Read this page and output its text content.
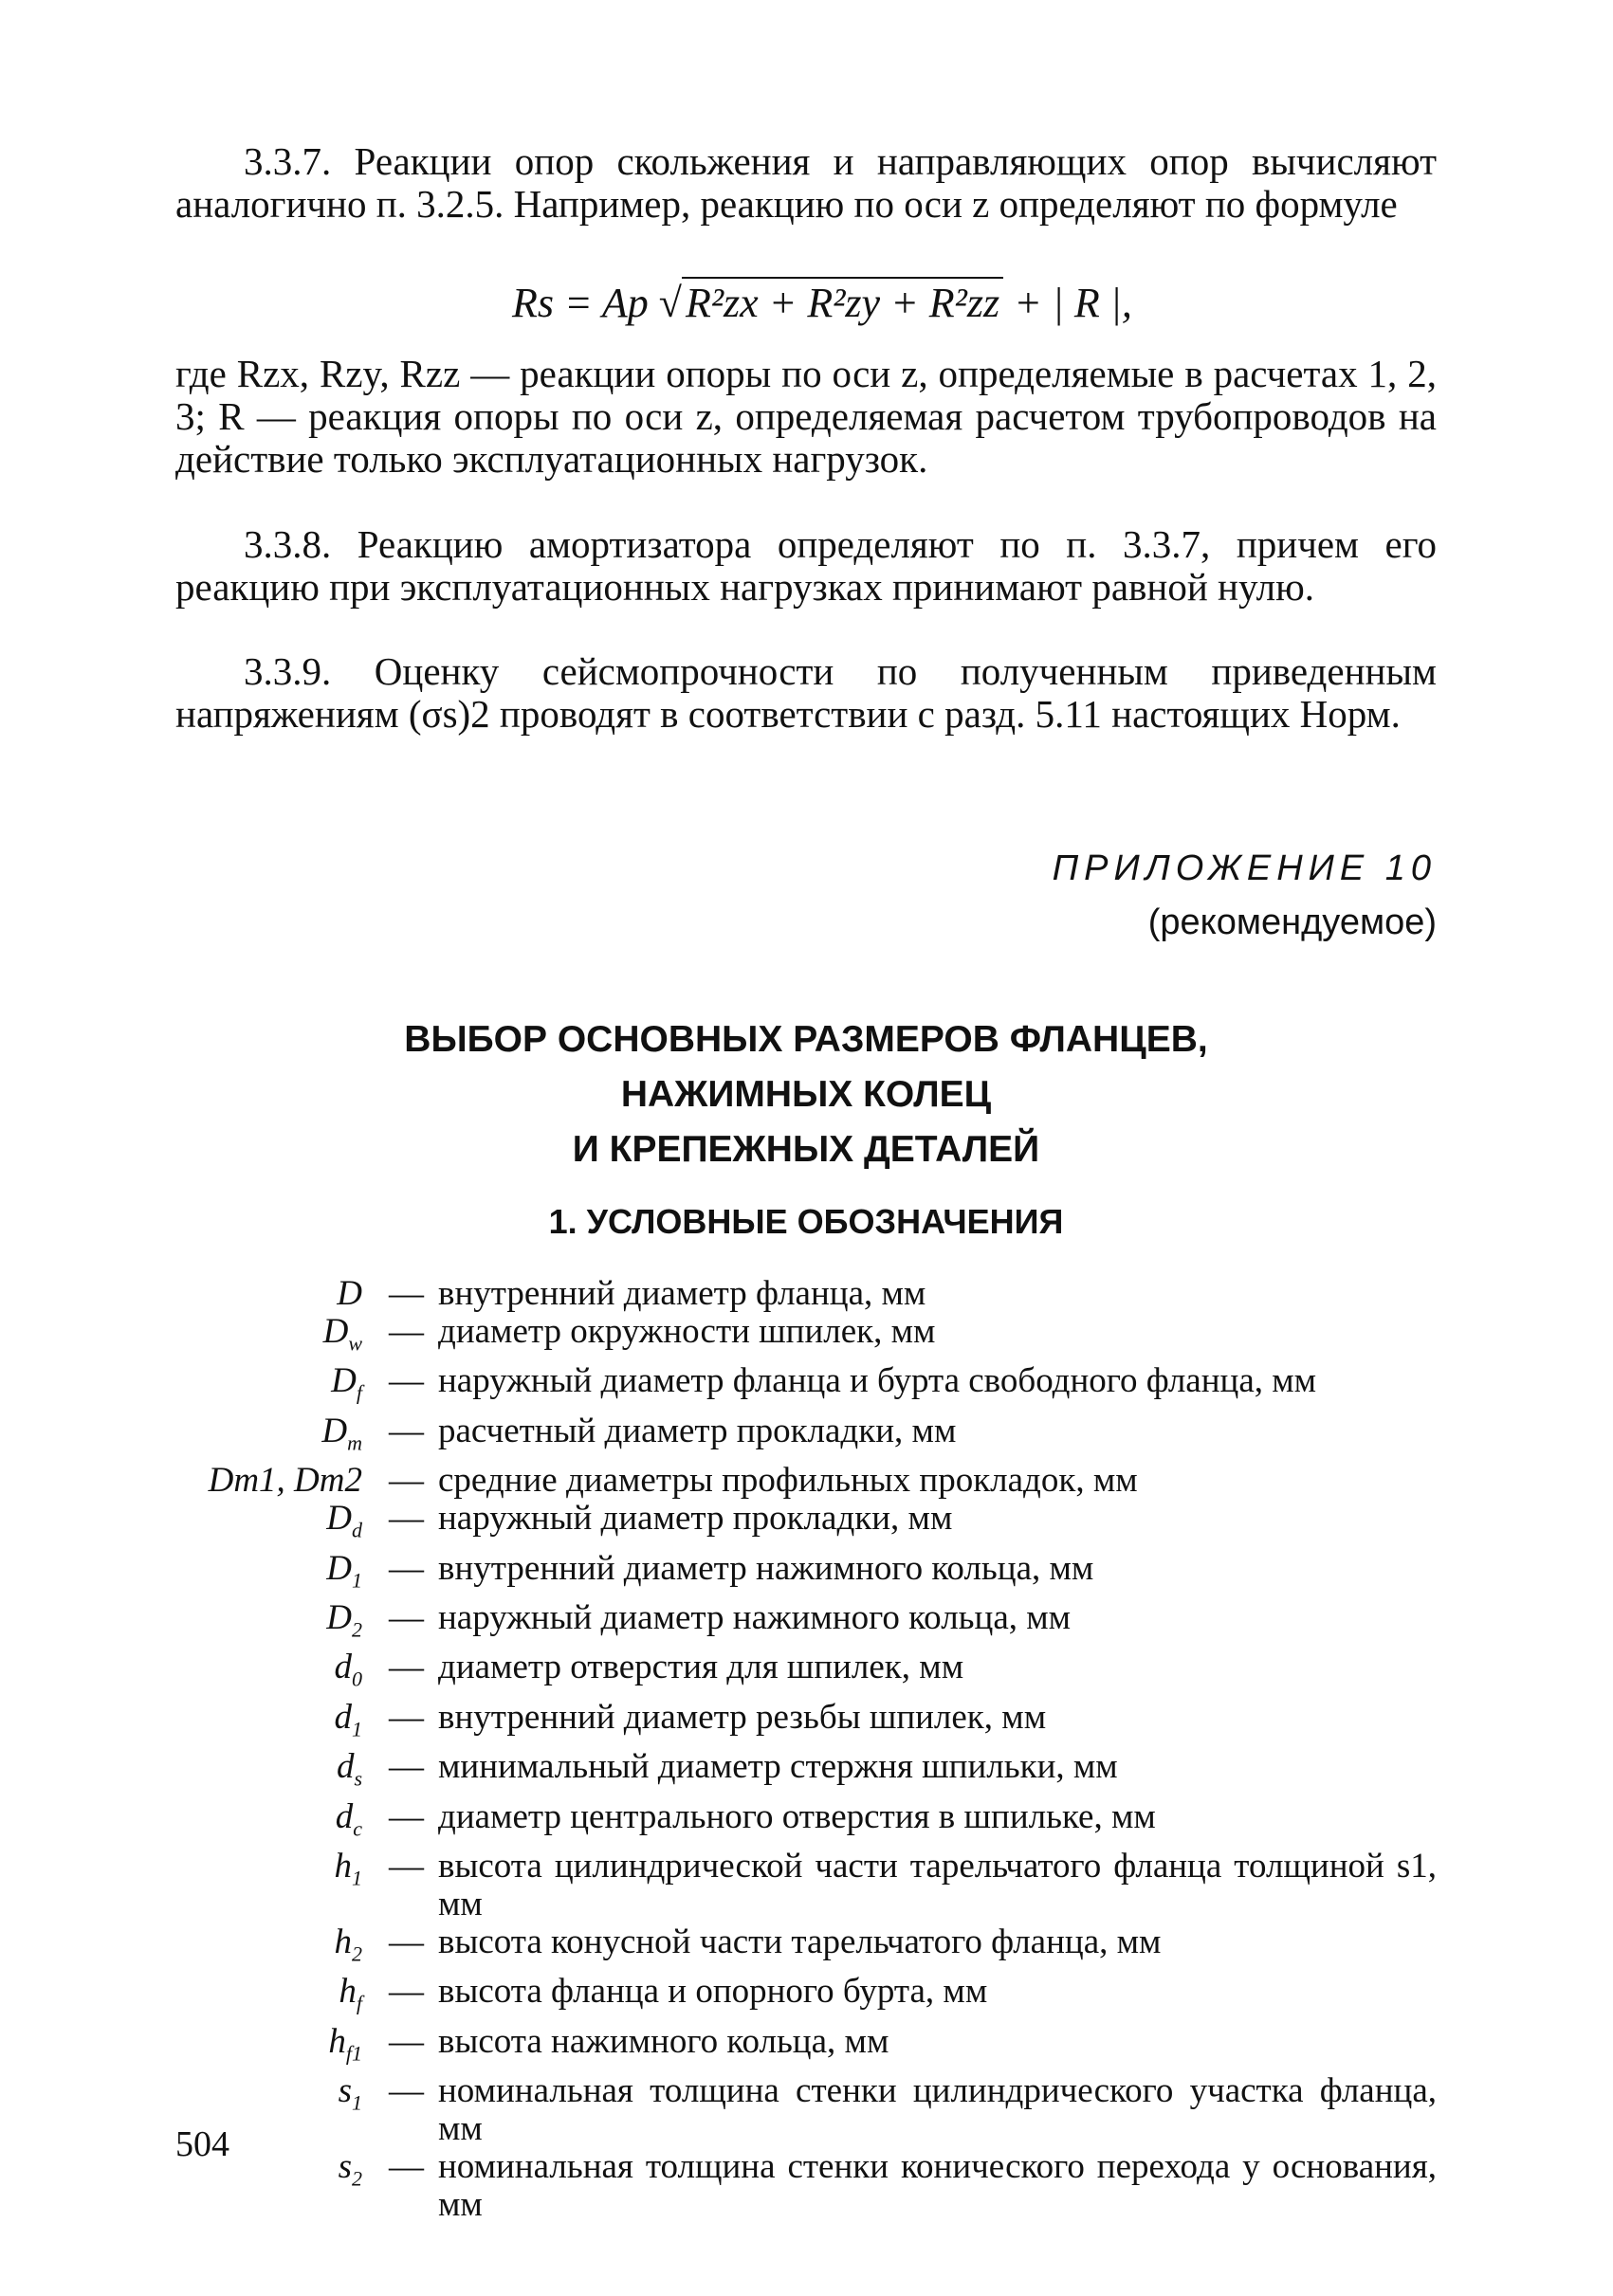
3.3.7. Реакции опор скольжения и направляющих опор вычисляют аналогично п. 3.2.5. Например, реакцию по оси z определяют по формуле

Rs = Ap √R²zx + R²zy + R²zz + | R |,

где Rzx, Rzy, Rzz — реакции опоры по оси z, определяемые в расчетах 1, 2, 3; R — реакция опоры по оси z, определяемая расчетом трубопроводов на действие только эксплуатационных нагрузок.

3.3.8. Реакцию амортизатора определяют по п. 3.3.7, причем его реакцию при эксплуатационных нагрузках принимают равной нулю.

3.3.9. Оценку сейсмопрочности по полученным приведенным напряжениям (σs)2 проводят в соответствии с разд. 5.11 настоящих Норм.

ПРИЛОЖЕНИЕ 10
(рекомендуемое)
ВЫБОР ОСНОВНЫХ РАЗМЕРОВ ФЛАНЦЕВ,
НАЖИМНЫХ КОЛЕЦ
И КРЕПЕЖНЫХ ДЕТАЛЕЙ
1. УСЛОВНЫЕ ОБОЗНАЧЕНИЯ
D — внутренний диаметр фланца, мм
$D_w$ — диаметр окружности шпилек, мм
$D_f$ — наружный диаметр фланца и бурта свободного фланца, мм
$D_m$ — расчетный диаметр прокладки, мм
Dm1, Dm2 — средние диаметры профильных прокладок, мм
$D_d$ — наружный диаметр прокладки, мм
$D_1$ — внутренний диаметр нажимного кольца, мм
$D_2$ — наружный диаметр нажимного кольца, мм
$d_0$ — диаметр отверстия для шпилек, мм
$d_1$ — внутренний диаметр резьбы шпилек, мм
$d_s$ — минимальный диаметр стержня шпильки, мм
$d_c$ — диаметр центрального отверстия в шпильке, мм
$h_1$ — высота цилиндрической части тарельчатого фланца толщиной s1, мм
$h_2$ — высота конусной части тарельчатого фланца, мм
$h_f$ — высота фланца и опорного бурта, мм
$h_{f1}$ — высота нажимного кольца, мм
$s_1$ — номинальная толщина стенки цилиндрического участка фланца, мм
$s_2$ — номинальная толщина стенки конического перехода у основания, мм
504
